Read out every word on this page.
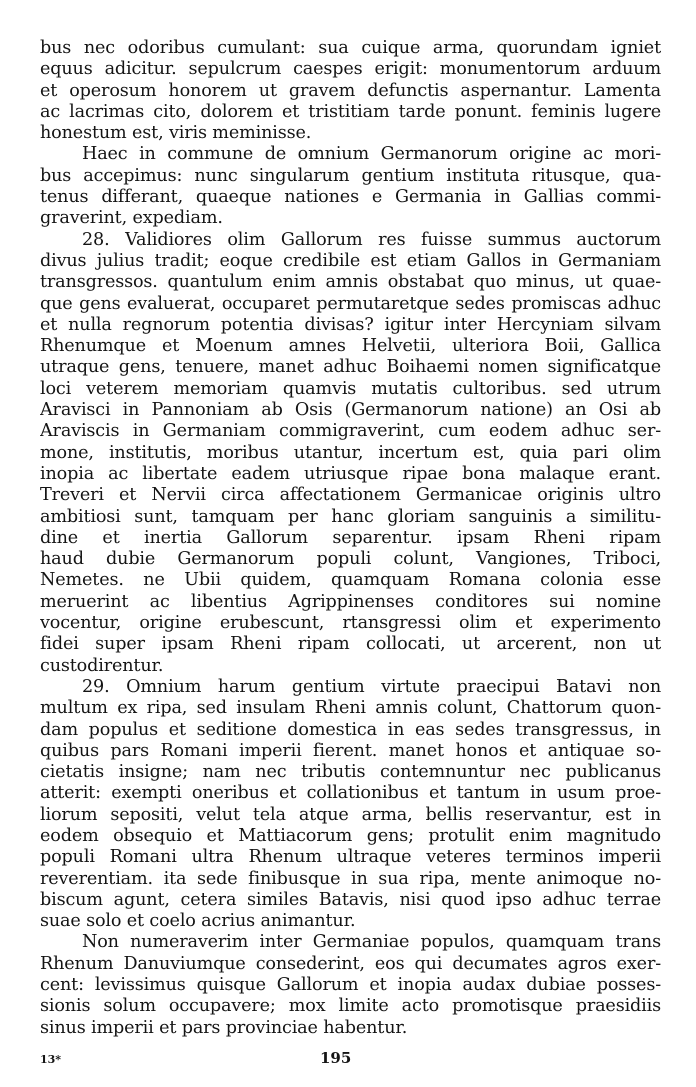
bus nec odoribus cumulant: sua cuique arma, quorundam igniet
equus adicitur. sepulcrum caespes erigit: monumentorum arduum
et operosum honorem ut gravem defunctis aspernantur. Lamenta
ac lacrimas cito, dolorem et tristitiam tarde ponunt. feminis lugere
honestum est, viris meminisse.
Haec in commune de omnium Germanorum origine ac mori-
bus accepimus: nunc singularum gentium instituta ritusque, qua-
tenus differant, quaeque nationes e Germania in Gallias commi-
graverint, expediam.
28. Validiores olim Gallorum res fuisse summus auctorum
divus julius tradit; eoque credibile est etiam Gallos in Germaniam
transgressos. quantulum enim amnis obstabat quo minus, ut quae-
que gens evaluerat, occuparet permutaretque sedes promiscas adhuc
et nulla regnorum potentia divisas? igitur inter Hercyniam silvam
Rhenumque et Moenum amnes Helvetii, ulteriora Boii, Gallica
utraque gens, tenuere, manet adhuc Boihaemi nomen significatque
loci veterem memoriam quamvis mutatis cultoribus. sed utrum
Aravisci in Pannoniam ab Osis (Germanorum natione) an Osi ab
Araviscis in Germaniam commigraverint, cum eodem adhuc ser-
mone, institutis, moribus utantur, incertum est, quia pari olim
inopia ac libertate eadem utriusque ripae bona malaque erant.
Treveri et Nervii circa affectationem Germanicae originis ultro
ambitiosi sunt, tamquam per hanc gloriam sanguinis a similitu-
dine et inertia Gallorum separentur. ipsam Rheni ripam
haud dubie Germanorum populi colunt, Vangiones, Triboci,
Nemetes. ne Ubii quidem, quamquam Romana colonia esse
meruerint ac libentius Agrippinenses conditores sui nomine
vocentur, origine erubescunt, rtansgressi olim et experimento
fidei super ipsam Rheni ripam collocati, ut arcerent, non ut
custodirentur.
29. Omnium harum gentium virtute praecipui Batavi non
multum ex ripa, sed insulam Rheni amnis colunt, Chattorum quon-
dam populus et seditione domestica in eas sedes transgressus, in
quibus pars Romani imperii fierent. manet honos et antiquae so-
cietatis insigne; nam nec tributis contemnuntur nec publicanus
atterit: exempti oneribus et collationibus et tantum in usum proe-
liorum sepositi, velut tela atque arma, bellis reservantur, est in
eodem obsequio et Mattiacorum gens; protulit enim magnitudo
populi Romani ultra Rhenum ultraque veteres terminos imperii
reverentiam. ita sede finibusque in sua ripa, mente animoque no-
biscum agunt, cetera similes Batavis, nisi quod ipso adhuc terrae
suae solo et coelo acrius animantur.
Non numeraverim inter Germaniae populos, quamquam trans
Rhenum Danuviumque consederint, eos qui decumates agros exer-
cent: levissimus quisque Gallorum et inopia audax dubiae posses-
sionis solum occupavere; mox limite acto promotisque praesidiis
sinus imperii et pars provinciae habentur.
13*	195
